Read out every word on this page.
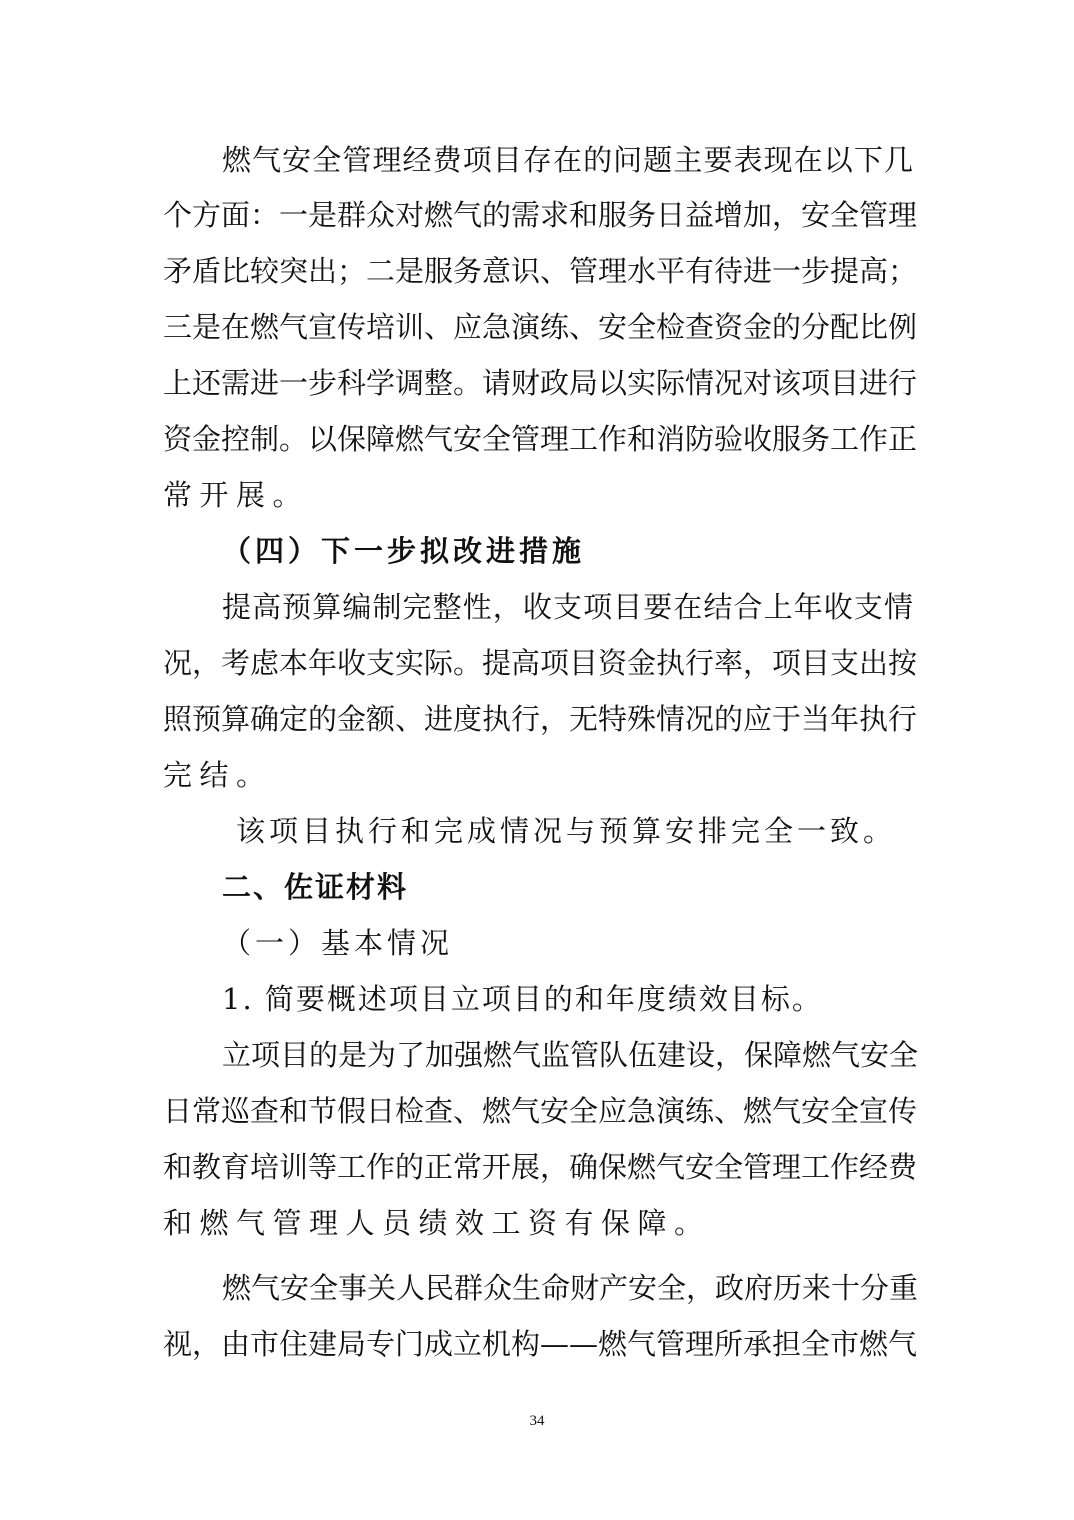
燃气安全管理经费项目存在的问题主要表现在以下几
个方面：一是群众对燃气的需求和服务日益增加，安全管理
矛盾比较突出；二是服务意识、管理水平有待进一步提高；
三是在燃气宣传培训、应急演练、安全检查资金的分配比例
上还需进一步科学调整。请财政局以实际情况对该项目进行
资金控制。以保障燃气安全管理工作和消防验收服务工作正
常开展。
（四）下一步拟改进措施
提高预算编制完整性，收支项目要在结合上年收支情
况，考虑本年收支实际。提高项目资金执行率，项目支出按
照预算确定的金额、进度执行，无特殊情况的应于当年执行
完结。
该项目执行和完成情况与预算安排完全一致。
二、佐证材料
（一）基本情况
1. 简要概述项目立项目的和年度绩效目标。
立项目的是为了加强燃气监管队伍建设，保障燃气安全
日常巡查和节假日检查、燃气安全应急演练、燃气安全宣传
和教育培训等工作的正常开展，确保燃气安全管理工作经费
和燃气管理人员绩效工资有保障。
燃气安全事关人民群众生命财产安全，政府历来十分重
视，由市住建局专门成立机构——燃气管理所承担全市燃气
34
